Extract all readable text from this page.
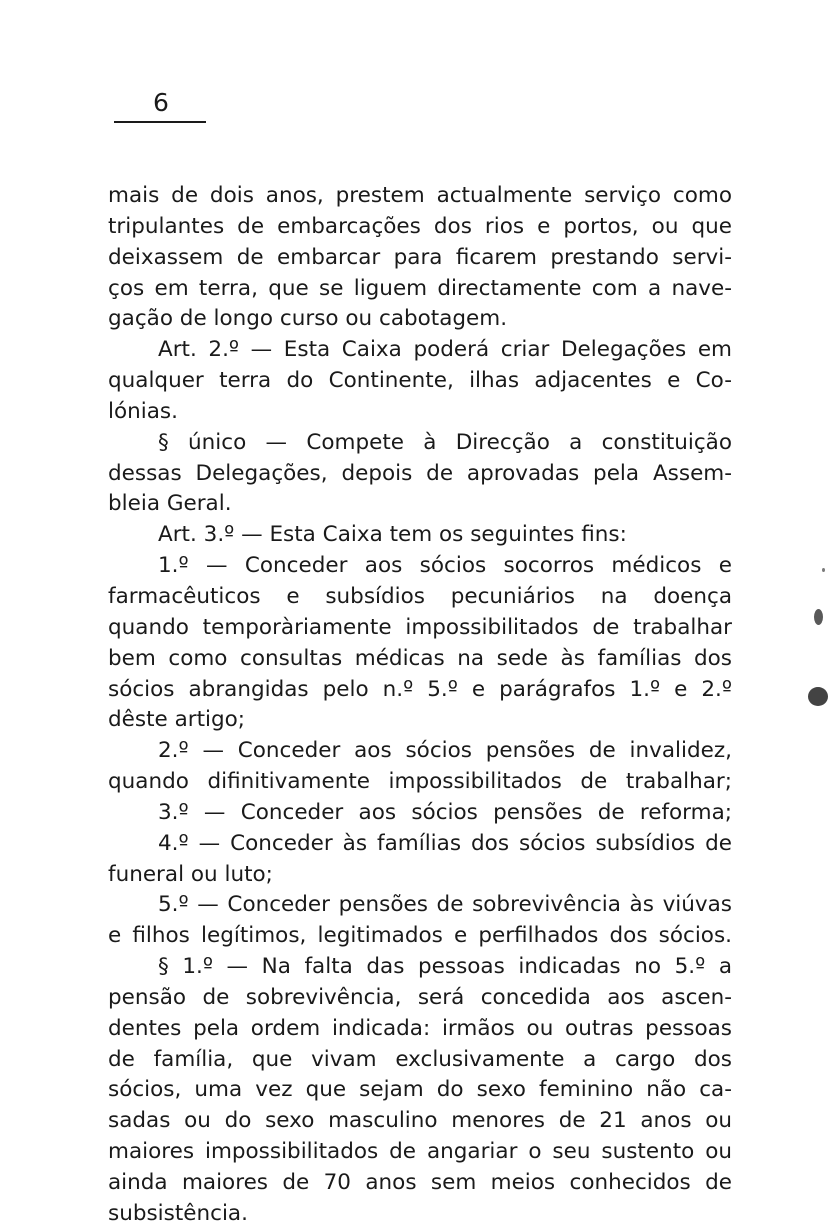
6
mais de dois anos, prestem actualmente serviço como
tripulantes de embarcações dos rios e portos, ou que
deixassem de embarcar para ficarem prestando servi-
ços em terra, que se liguem directamente com a nave-
gação de longo curso ou cabotagem.
Art. 2.º — Esta Caixa poderá criar Delegações em
qualquer terra do Continente, ilhas adjacentes e Co-
lónias.
§ único — Compete à Direcção a constituição
dessas Delegações, depois de aprovadas pela Assem-
bleia Geral.
Art. 3.º — Esta Caixa tem os seguintes fins:
1.º — Conceder aos sócios socorros médicos e
farmacêuticos e subsídios pecuniários na doença
quando temporàriamente impossibilitados de trabalhar
bem como consultas médicas na sede às famílias dos
sócios abrangidas pelo n.º 5.º e parágrafos 1.º e 2.º
dêste artigo;
2.º — Conceder aos sócios pensões de invalidez,
quando difinitivamente impossibilitados de trabalhar;
3.º — Conceder aos sócios pensões de reforma;
4.º — Conceder às famílias dos sócios subsídios de
funeral ou luto;
5.º — Conceder pensões de sobrevivência às viúvas
e filhos legítimos, legitimados e perfilhados dos sócios.
§ 1.º — Na falta das pessoas indicadas no 5.º a
pensão de sobrevivência, será concedida aos ascen-
dentes pela ordem indicada: irmãos ou outras pessoas
de família, que vivam exclusivamente a cargo dos
sócios, uma vez que sejam do sexo feminino não ca-
sadas ou do sexo masculino menores de 21 anos ou
maiores impossibilitados de angariar o seu sustento ou
ainda maiores de 70 anos sem meios conhecidos de
subsistência.
